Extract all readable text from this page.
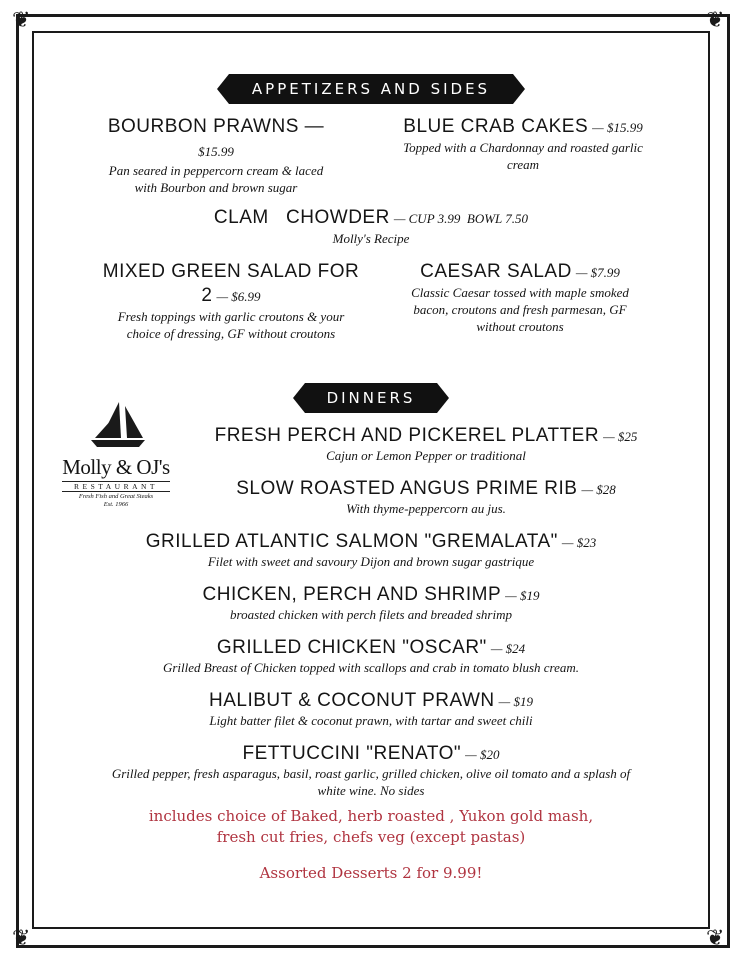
❦	❦
❦	❦
APPETIZERS AND SIDES
BOURBON PRAWNS —
$15.99
Pan seared in peppercorn cream & laced with Bourbon and brown sugar
BLUE CRAB CAKES — $15.99
Topped with a Chardonnay and roasted garlic cream
CLAM   CHOWDER — CUP 3.99  BOWL 7.50
Molly's Recipe
MIXED GREEN SALAD FOR
2 — $6.99
Fresh toppings with garlic croutons & your choice of dressing, GF without croutons
CAESAR SALAD — $7.99
Classic Caesar tossed with maple smoked bacon, croutons and fresh parmesan, GF without croutons
DINNERS
Molly & OJ's
RESTAURANT
Fresh Fish and Great Steaks
Est. 1966
FRESH PERCH AND PICKEREL PLATTER — $25
Cajun or Lemon Pepper or traditional
SLOW ROASTED ANGUS PRIME RIB — $28
With thyme-peppercorn au jus.
GRILLED ATLANTIC SALMON "GREMALATA" — $23
Filet with sweet and savoury Dijon and brown sugar gastrique
CHICKEN, PERCH AND SHRIMP — $19
broasted chicken with perch filets and breaded shrimp
GRILLED CHICKEN "OSCAR" — $24
Grilled Breast of Chicken topped with scallops and crab in tomato blush cream.
HALIBUT & COCONUT PRAWN — $19
Light batter filet & coconut prawn, with tartar and sweet chili
FETTUCCINI "RENATO" — $20
Grilled pepper, fresh asparagus, basil, roast garlic, grilled chicken, olive oil tomato and a splash of white wine. No sides
includes choice of Baked, herb roasted , Yukon gold mash,
fresh cut fries, chefs veg (except pastas)
Assorted Desserts 2 for 9.99!
